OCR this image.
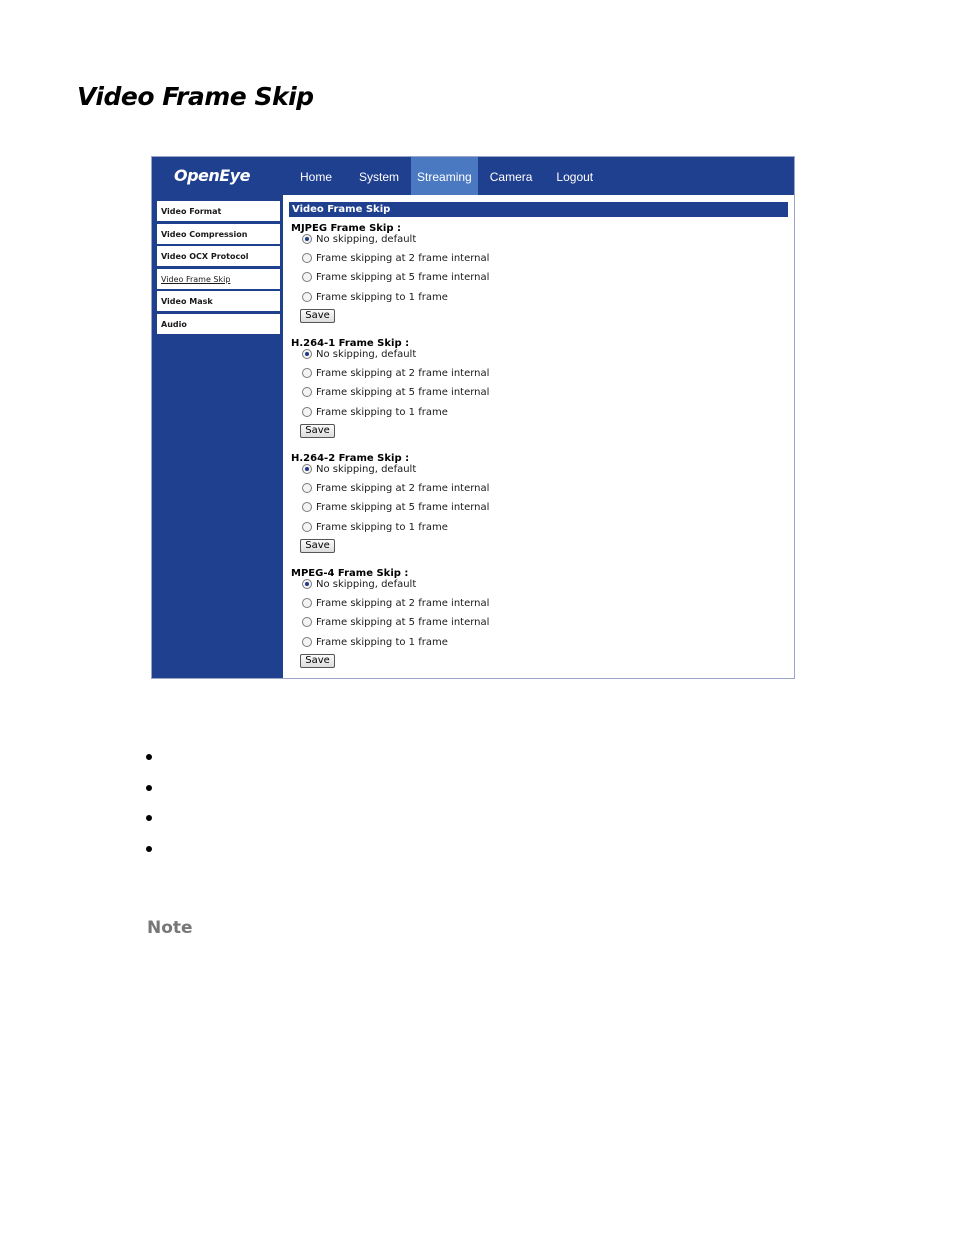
Video Frame Skip
OpenEye	Home	System	Streaming	Camera	Logout
Video Format
Video Compression
Video OCX Protocol
Video Frame Skip
Video Mask
Audio
Video Frame Skip
MJPEG Frame Skip :
No skipping, default
Frame skipping at 2 frame internal
Frame skipping at 5 frame internal
Frame skipping to 1 frame
Save
H.264-1 Frame Skip :
No skipping, default
Frame skipping at 2 frame internal
Frame skipping at 5 frame internal
Frame skipping to 1 frame
Save
H.264-2 Frame Skip :
No skipping, default
Frame skipping at 2 frame internal
Frame skipping at 5 frame internal
Frame skipping to 1 frame
Save
MPEG-4 Frame Skip :
No skipping, default
Frame skipping at 2 frame internal
Frame skipping at 5 frame internal
Frame skipping to 1 frame
Save
Note
